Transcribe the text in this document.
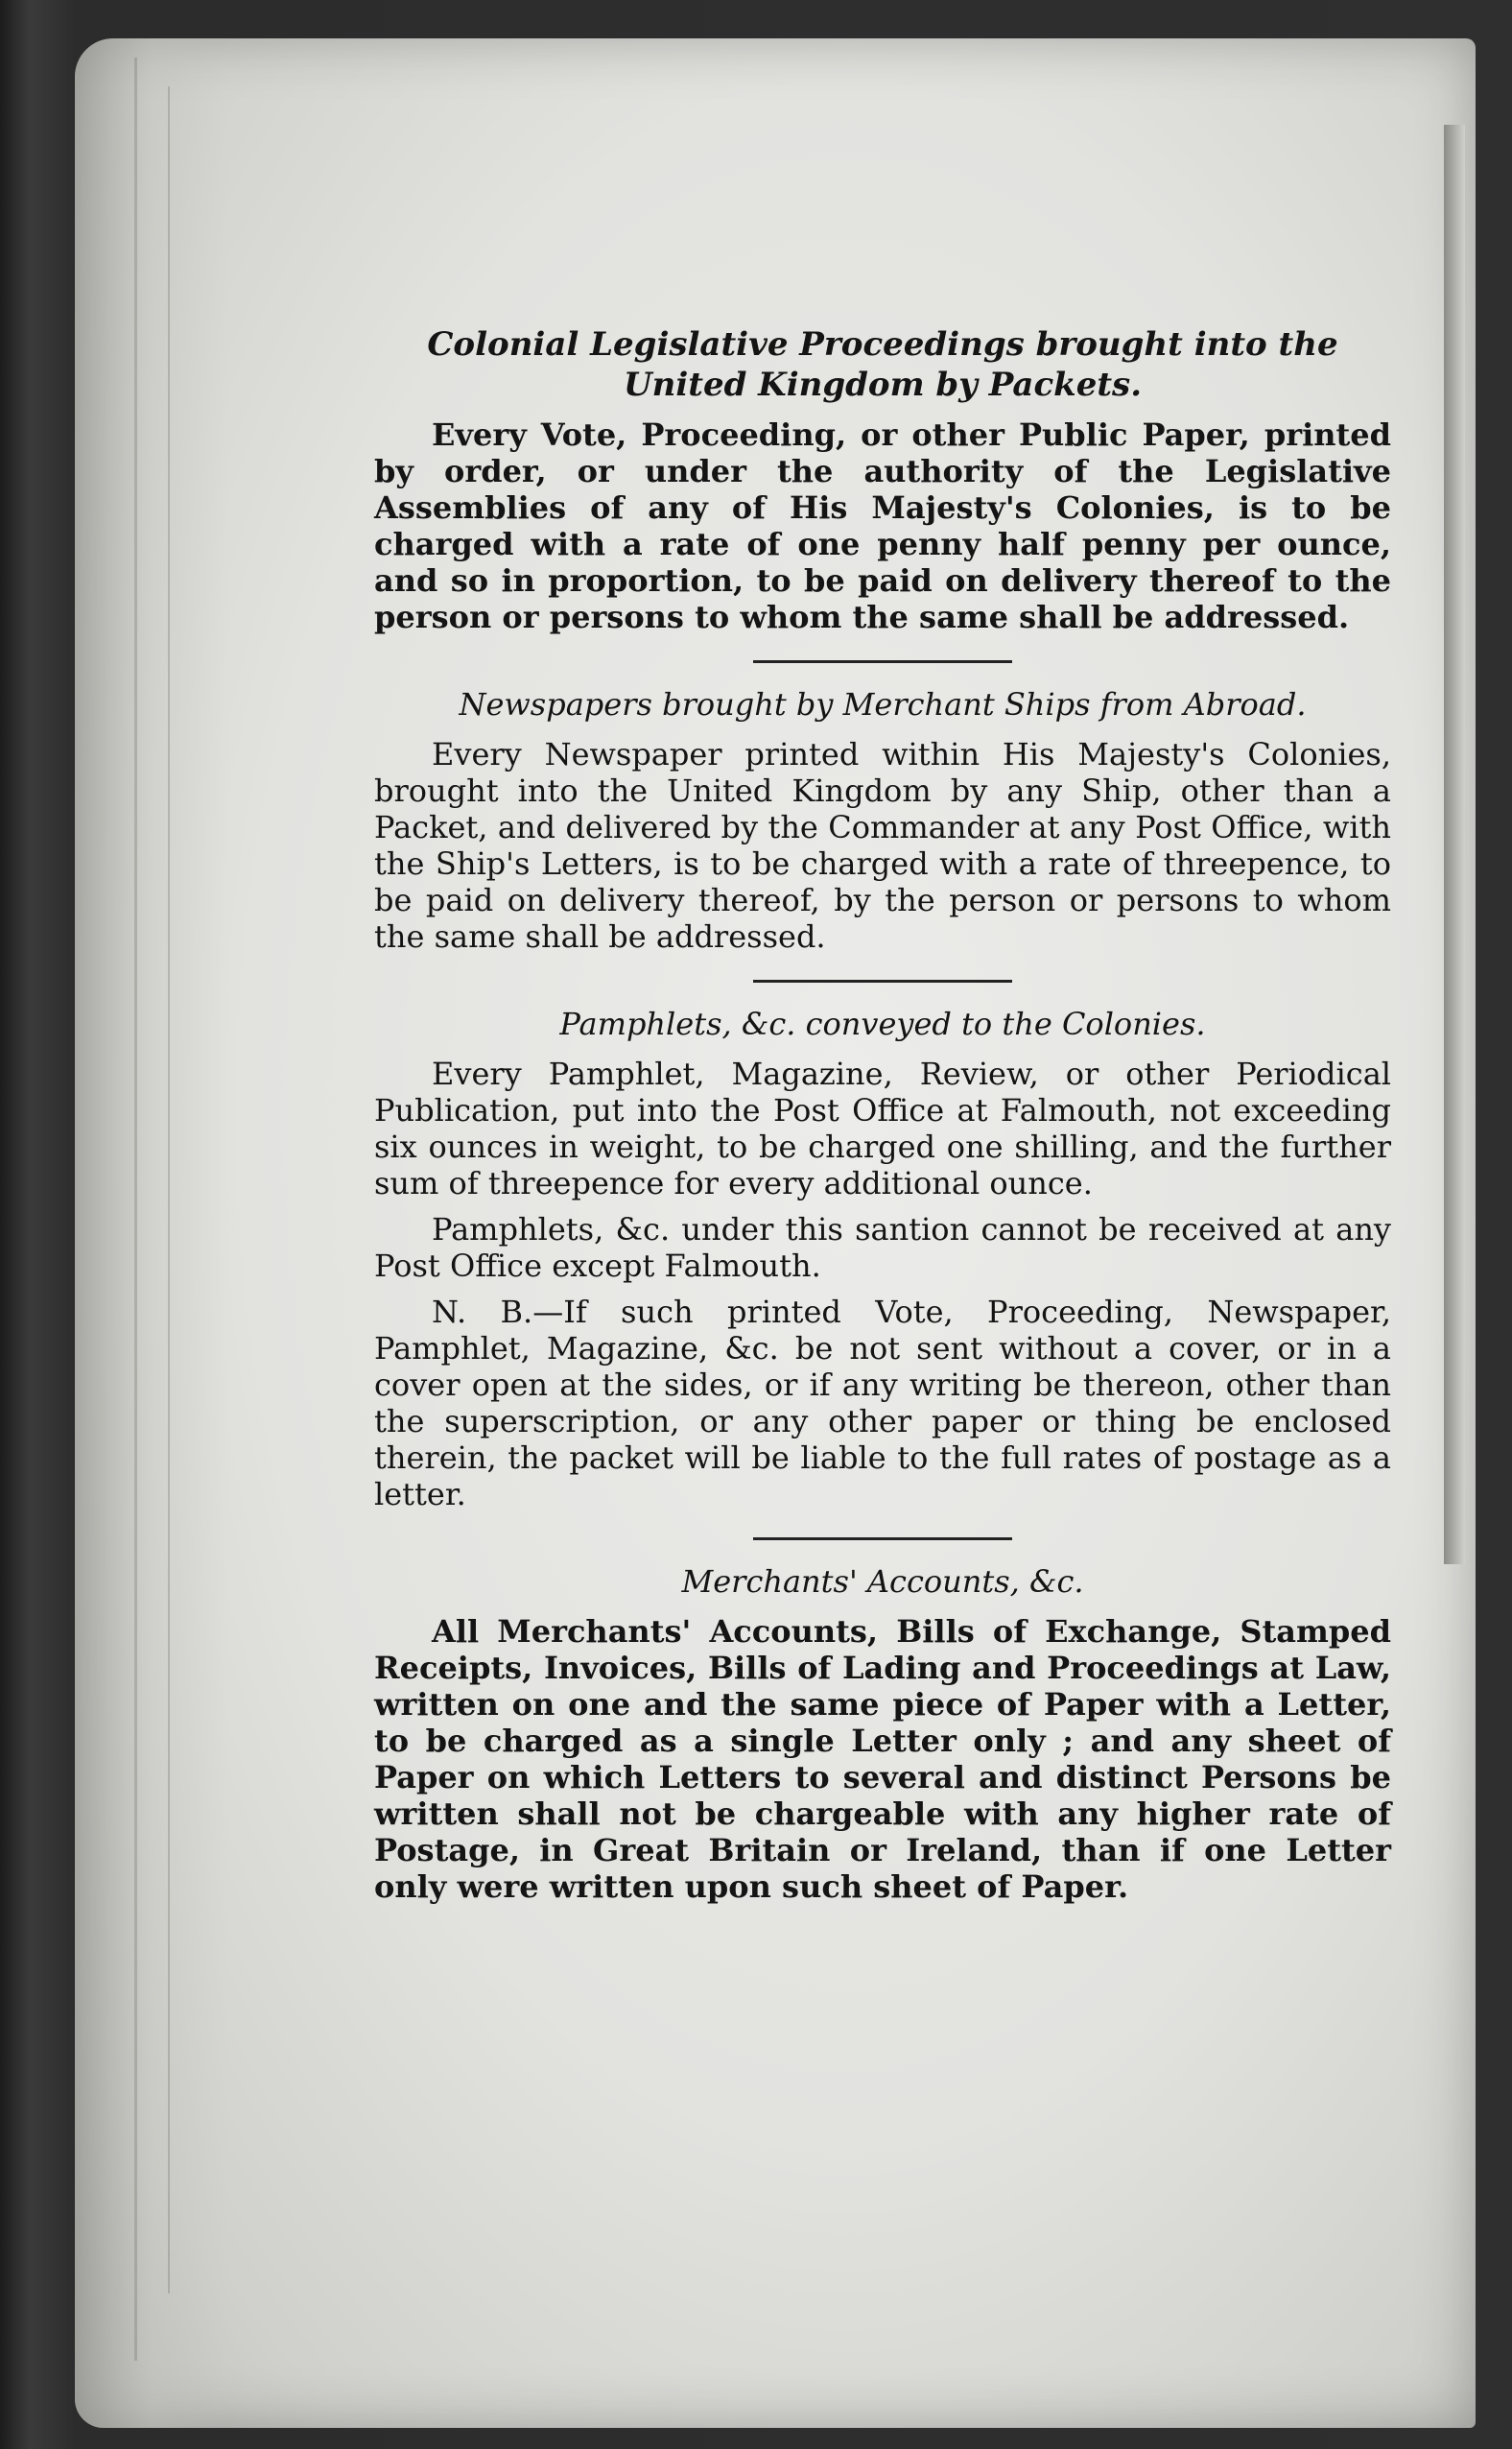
Colonial Legislative Proceedings brought into the United Kingdom by Packets.

Every Vote, Proceeding, or other Public Paper, printed by order, or under the authority of the Legislative Assemblies of any of His Majesty's Colonies, is to be charged with a rate of one penny half penny per ounce, and so in proportion, to be paid on delivery thereof to the person or persons to whom the same shall be addressed.

Newspapers brought by Merchant Ships from Abroad.

Every Newspaper printed within His Majesty's Colonies, brought into the United Kingdom by any Ship, other than a Packet, and delivered by the Commander at any Post Office, with the Ship's Letters, is to be charged with a rate of threepence, to be paid on delivery thereof, by the person or persons to whom the same shall be addressed.

Pamphlets, &c. conveyed to the Colonies.

Every Pamphlet, Magazine, Review, or other Periodical Publication, put into the Post Office at Falmouth, not exceeding six ounces in weight, to be charged one shilling, and the further sum of threepence for every additional ounce.

Pamphlets, &c. under this santion cannot be received at any Post Office except Falmouth.

N. B.—If such printed Vote, Proceeding, Newspaper, Pamphlet, Magazine, &c. be not sent without a cover, or in a cover open at the sides, or if any writing be thereon, other than the superscription, or any other paper or thing be enclosed therein, the packet will be liable to the full rates of postage as a letter.

Merchants' Accounts, &c.

All Merchants' Accounts, Bills of Exchange, Stamped Receipts, Invoices, Bills of Lading and Proceedings at Law, written on one and the same piece of Paper with a Letter, to be charged as a single Letter only ; and any sheet of Paper on which Letters to several and distinct Persons be written shall not be chargeable with any higher rate of Postage, in Great Britain or Ireland, than if one Letter only were written upon such sheet of Paper.
